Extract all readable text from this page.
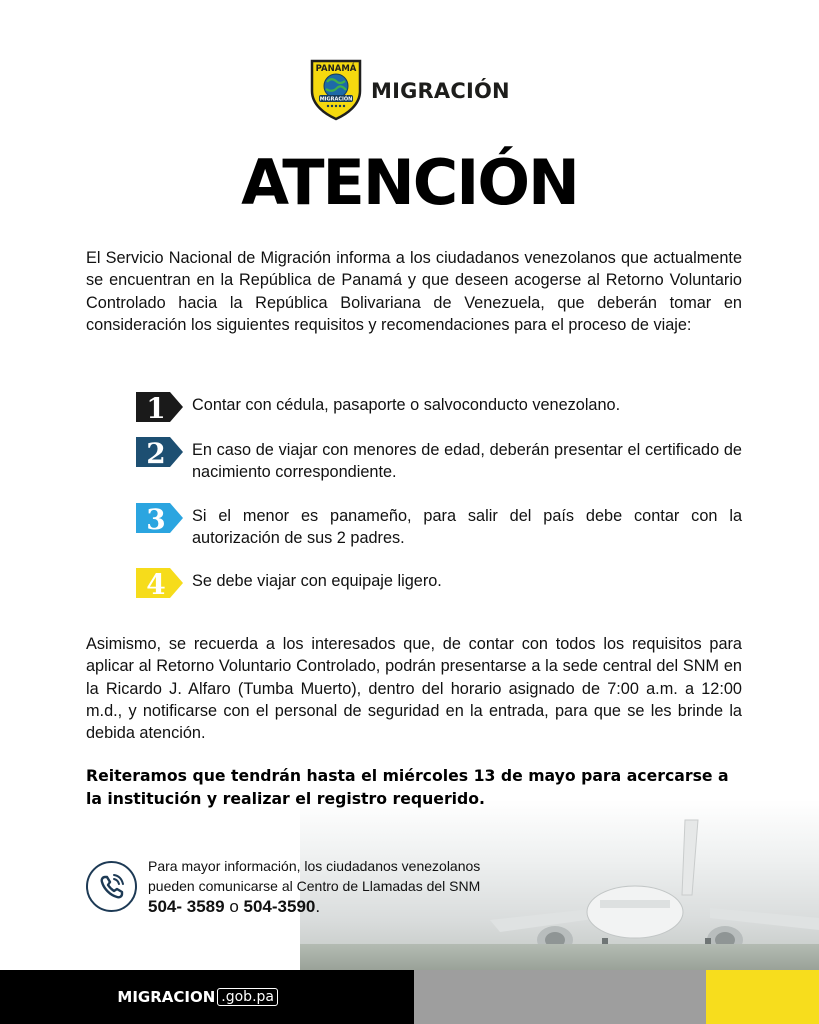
PANAMÁ
MIGRACIÓN MIGRACIÓN
ATENCIÓN
El Servicio Nacional de Migración informa a los ciudadanos venezolanos que actualmente se encuentran en la República de Panamá y que deseen acogerse al Retorno Voluntario Controlado hacia la República Bolivariana de Venezuela, que deberán tomar en consideración los siguientes requisitos y recomendaciones para el proceso de viaje:
1 Contar con cédula, pasaporte o salvoconducto venezolano.
2 En caso de viajar con menores de edad, deberán presentar el certificado de nacimiento correspondiente.
3 Si el menor es panameño, para salir del país debe contar con la autorización de sus 2 padres.
4 Se debe viajar con equipaje ligero.
Asimismo, se recuerda a los interesados que, de contar con todos los requisitos para aplicar al Retorno Voluntario Controlado, podrán presentarse a la sede central del SNM en la Ricardo J. Alfaro (Tumba Muerto), dentro del horario asignado de 7:00 a.m. a 12:00 m.d., y notificarse con el personal de seguridad en la entrada, para que se les brinde la debida atención.
Reiteramos que tendrán hasta el miércoles 13 de mayo para acercarse a la institución y realizar el registro requerido.
Para mayor información, los ciudadanos venezolanos
pueden comunicarse al Centro de Llamadas del SNM
504- 3589 o 504-3590.
MIGRACION .gob.pa
